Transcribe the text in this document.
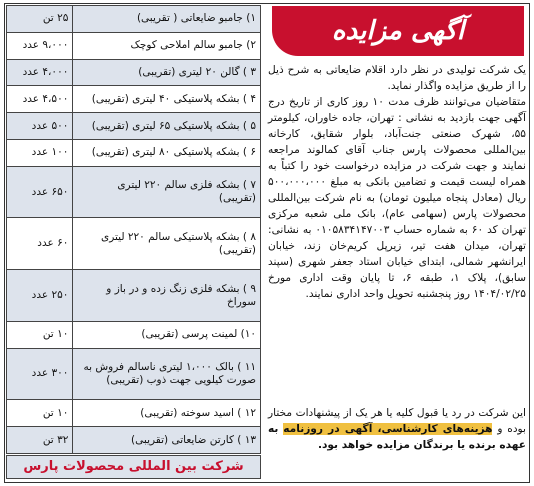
۱) جامبو ضایعاتی ( تقریبی)	۲۵ تن
۲) جامبو سالم املاحی کوچک	۹،۰۰۰ عدد
۳ ) گالن ۲۰ لیتری (تقریبی)	۴،۰۰۰ عدد
۴ ) بشکه پلاستیکی ۴۰ لیتری (تقریبی)	۴،۵۰۰ عدد
۵ ) بشکه پلاستیکی ۶۵ لیتری (تقریبی)	۵۰۰ عدد
۶ ) بشکه پلاستیکی ۸۰ لیتری (تقریبی)	۱۰۰ عدد
۷ ) بشکه فلزی سالم ۲۲۰ لیتری (تقریبی)	۶۵۰ عدد
۸ ) بشکه پلاستیکی سالم ۲۲۰ لیتری (تقریبی)	۶۰ عدد
۹ ) بشکه فلزی زنگ زده و در باز و سوراخ	۲۵۰ عدد
۱۰) لمینت پرسی (تقریبی)	۱۰ تن
۱۱ ) بالک ۱،۰۰۰ لیتری ناسالم فروش به صورت کیلویی جهت ذوب (تقریبی)	۳۰۰ عدد
۱۲ ) اسید سوخته (تقریبی)	۱۰ تن
۱۳ ) کارتن ضایعاتی (تقریبی)	۳۲ تن
شرکت بین المللی محصولات پارس
آگهی مزایده

یک شرکت تولیدی در نظر دارد اقلام ضایعاتی به شرح ذیل را از طریق مزایده واگذار نماید.

متقاضیان می‌توانند ظرف مدت ۱۰ روز کاری از تاریخ درج آگهی جهت بازدید به نشانی : تهران، جاده خاوران، کیلومتر ۵۵، شهرک صنعتی جنت‌آباد، بلوار شقایق، کارخانه بین‌المللی محصولات پارس جناب آقای کمالوند مراجعه نمایند و جهت شرکت در مزایده درخواست خود را کتباً به همراه لیست قیمت و تضامین بانکی به مبلغ ۵۰۰،۰۰۰،۰۰۰ ریال (معادل پنجاه میلیون تومان) به نام شرکت بین‌المللی محصولات پارس (سهامی عام)، بانک ملی شعبه مرکزی تهران کد ۶۰ به شماره حساب ۰۱۰۵۸۳۴۱۴۷۰۰۳ به نشانی: تهران، میدان هفت تیر، زیرپل کریم‌خان زند، خیابان ایرانشهر شمالی، ابتدای خیابان استاد جعفر شهری (سپند سابق)، پلاک ۱، طبقه ۶، تا پایان وقت اداری مورخ ۱۴۰۴/۰۲/۲۵ روز پنجشنبه تحویل واحد اداری نمایند.

این شرکت در رد یا قبول کلیه یا هر یک از پیشنهادات مختار بوده و هزینه‌های کارشناسی، آگهی در روزنامه به عهده برنده یا برندگان مزایده خواهد بود.
